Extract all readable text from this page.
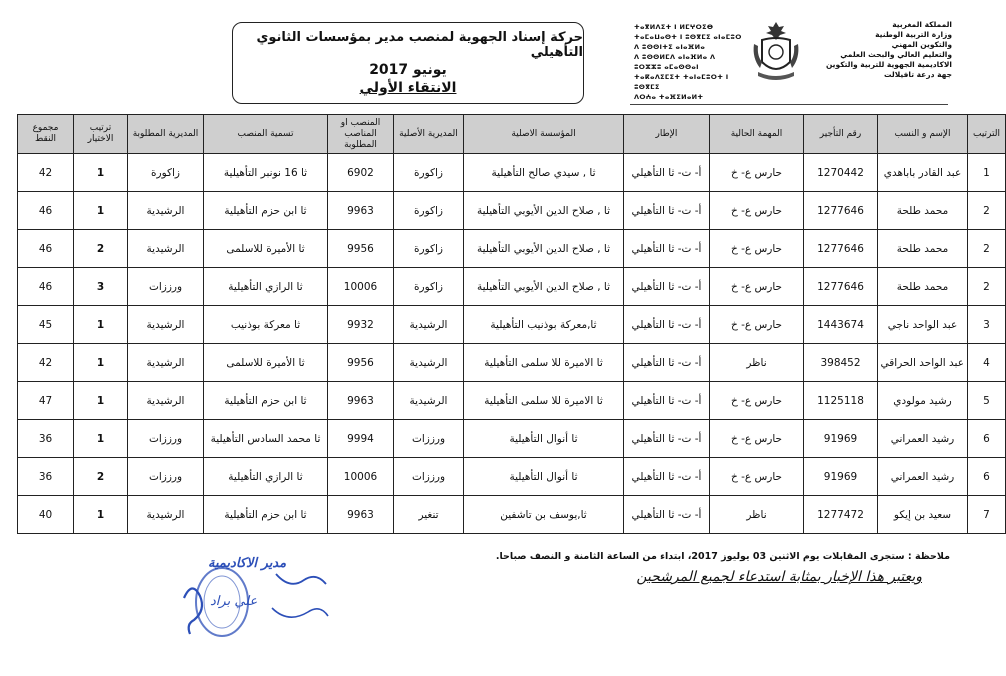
حركة إسناد الجهوية لمنصب مدير بمؤسسات الثانوي التأهيلي
يونيو 2017
الانتقاء الأولي
ⵜⴰⴳⵍⴷⵉⵜ ⵏ ⵍⵎⵖⵔⵉⴱ
ⵜⴰⵎⴰⵡⴰⵙⵜ ⵏ ⵓⵙⴳⵎⵉ ⴰⵏⴰⵎⵓⵔ
ⴷ ⵓⵙⵙⵏⵜⵉ ⴰⵏⴰⴼⵍⴰ
ⴷ ⵓⵙⵙⵍⵎⴷ ⴰⵏⴰⴼⵍⴰ ⴷ ⵓⵔⵣⵣⵓ ⴰⵎⴰⵙⵙⴰⵏ
ⵜⴰⴽⴰⴷⵉⵎⵉⵜ ⵜⴰⵏⴰⵎⵓⵔⵜ ⵏ ⵓⵙⴳⵎⵉ
ⴷⵔⵄⴰ ⵜⴰⴼⵉⵍⴰⵍⵜ
المملكة المغربية
وزارة التربية الوطنية
والتكوين المهني
والتعليم العالي والبحث العلمي
الاكاديمية الجهوية للتربية والتكوين
جهة درعة تافيلالت
الترتيب	الإسم و النسب	رقم التأجير	المهمة الحالية	الإطار	المؤسسة الاصلية	المديرية الأصلية	المنصب او المناصب المطلوبة	تسمية المنصب	المديرية المطلوبة	ترتيب الاختيار	مجموع النقط
1	عبد القادر باباهدي	1270442	حارس ع- خ	أ- ت- ثا التأهيلي	ثا , سيدي صالح التأهيلية	زاكورة	6902	ثا 16 نونبر التأهيلية	زاكورة	1	42
2	محمد طلحة	1277646	حارس ع- خ	أ- ت- ثا التأهيلي	ثا , صلاح الدين الأيوبي التأهيلية	زاكورة	9963	ثا ابن حزم التأهيلية	الرشيدية	1	46
2	محمد طلحة	1277646	حارس ع- خ	أ- ت- ثا التأهيلي	ثا , صلاح الدين الأيوبي التأهيلية	زاكورة	9956	ثا الأميرة للاسلمى	الرشيدية	2	46
2	محمد طلحة	1277646	حارس ع- خ	أ- ت- ثا التأهيلي	ثا , صلاح الدين الأيوبي التأهيلية	زاكورة	10006	ثا الرازي التأهيلية	ورززات	3	46
3	عبد الواحد ناجي	1443674	حارس ع- خ	أ- ت- ثا التأهيلي	ثا,معركة بوذنيب التأهيلية	الرشيدية	9932	ثا معركة بوذنيب	الرشيدية	1	45
4	عبد الواحد الحراقي	398452	ناظر	أ- ت- ثا التأهيلي	ثا الاميرة للا سلمى التأهيلية	الرشيدية	9956	ثا الأميرة للاسلمى	الرشيدية	1	42
5	رشيد مولودي	1125118	حارس ع- خ	أ- ت- ثا التأهيلي	ثا الاميرة للا سلمى التأهيلية	الرشيدية	9963	ثا ابن حزم التأهيلية	الرشيدية	1	47
6	رشيد العمراني	91969	حارس ع- خ	أ- ت- ثا التأهيلي	ثا أنوال التأهيلية	ورززات	9994	ثا محمد السادس التأهيلية	ورززات	1	36
6	رشيد العمراني	91969	حارس ع- خ	أ- ت- ثا التأهيلي	ثا أنوال التأهيلية	ورززات	10006	ثا الرازي التأهيلية	ورززات	2	36
7	سعيد بن إيكو	1277472	ناظر	أ- ت- ثا التأهيلي	ثا,يوسف بن تاشفين	تنغير	9963	ثا ابن حزم التأهيلية	الرشيدية	1	40
ملاحظة : ستجرى المقابلات يوم الاثنين 03 يوليوز 2017، ابتداء من الساعة الثامنة و النصف صباحا.
ويعتبر هذا الإخبار بمثابة استدعاء لجميع المرشحين
مدير الاكاديمية
علي براد
